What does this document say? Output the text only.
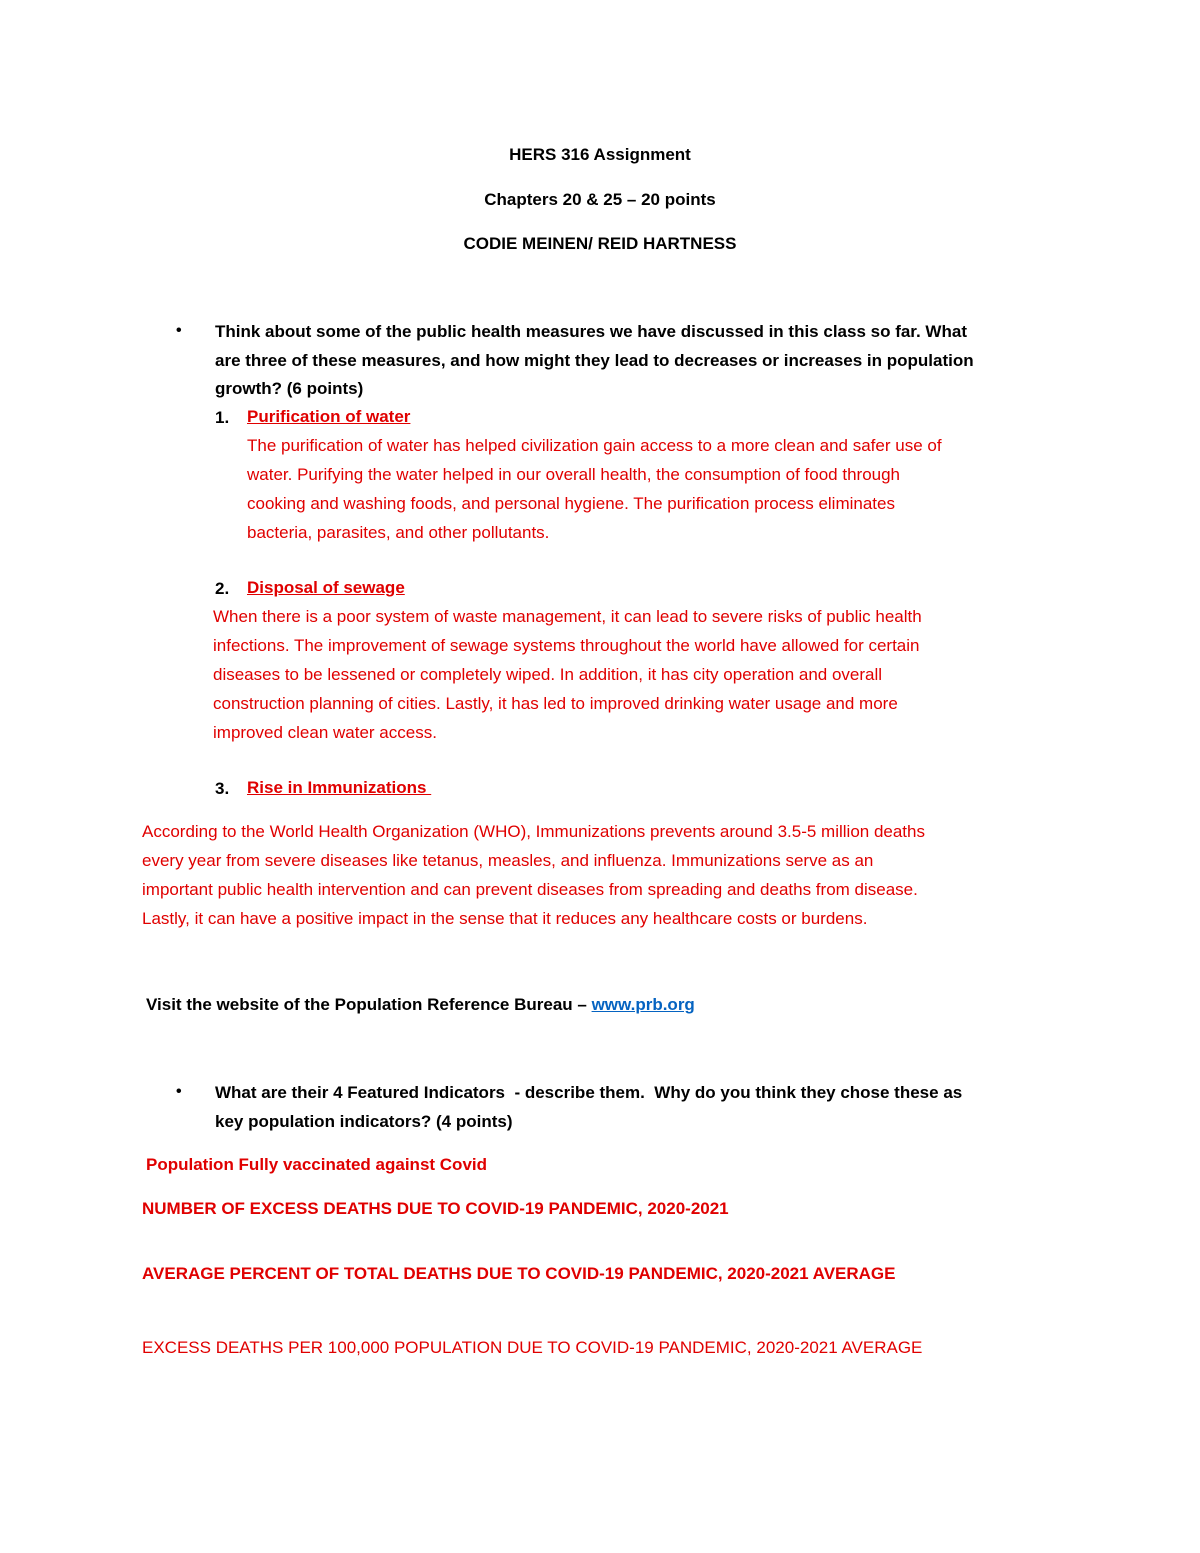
HERS 316 Assignment
Chapters 20 & 25 – 20 points
CODIE MEINEN/ REID HARTNESS
• Think about some of the public health measures we have discussed in this class so far. What
are three of these measures, and how might they lead to decreases or increases in population
growth? (6 points)
1. Purification of water
The purification of water has helped civilization gain access to a more clean and safer use of
water. Purifying the water helped in our overall health, the consumption of food through
cooking and washing foods, and personal hygiene. The purification process eliminates
bacteria, parasites, and other pollutants.
2. Disposal of sewage
When there is a poor system of waste management, it can lead to severe risks of public health
infections. The improvement of sewage systems throughout the world have allowed for certain
diseases to be lessened or completely wiped. In addition, it has city operation and overall
construction planning of cities. Lastly, it has led to improved drinking water usage and more
improved clean water access.
3. Rise in Immunizations
According to the World Health Organization (WHO), Immunizations prevents around 3.5-5 million deaths
every year from severe diseases like tetanus, measles, and influenza. Immunizations serve as an
important public health intervention and can prevent diseases from spreading and deaths from disease.
Lastly, it can have a positive impact in the sense that it reduces any healthcare costs or burdens.
Visit the website of the Population Reference Bureau – www.prb.org
• What are their 4 Featured Indicators  - describe them.  Why do you think they chose these as
key population indicators? (4 points)
Population Fully vaccinated against Covid
NUMBER OF EXCESS DEATHS DUE TO COVID-19 PANDEMIC, 2020-2021
AVERAGE PERCENT OF TOTAL DEATHS DUE TO COVID-19 PANDEMIC, 2020-2021 AVERAGE
EXCESS DEATHS PER 100,000 POPULATION DUE TO COVID-19 PANDEMIC, 2020-2021 AVERAGE
